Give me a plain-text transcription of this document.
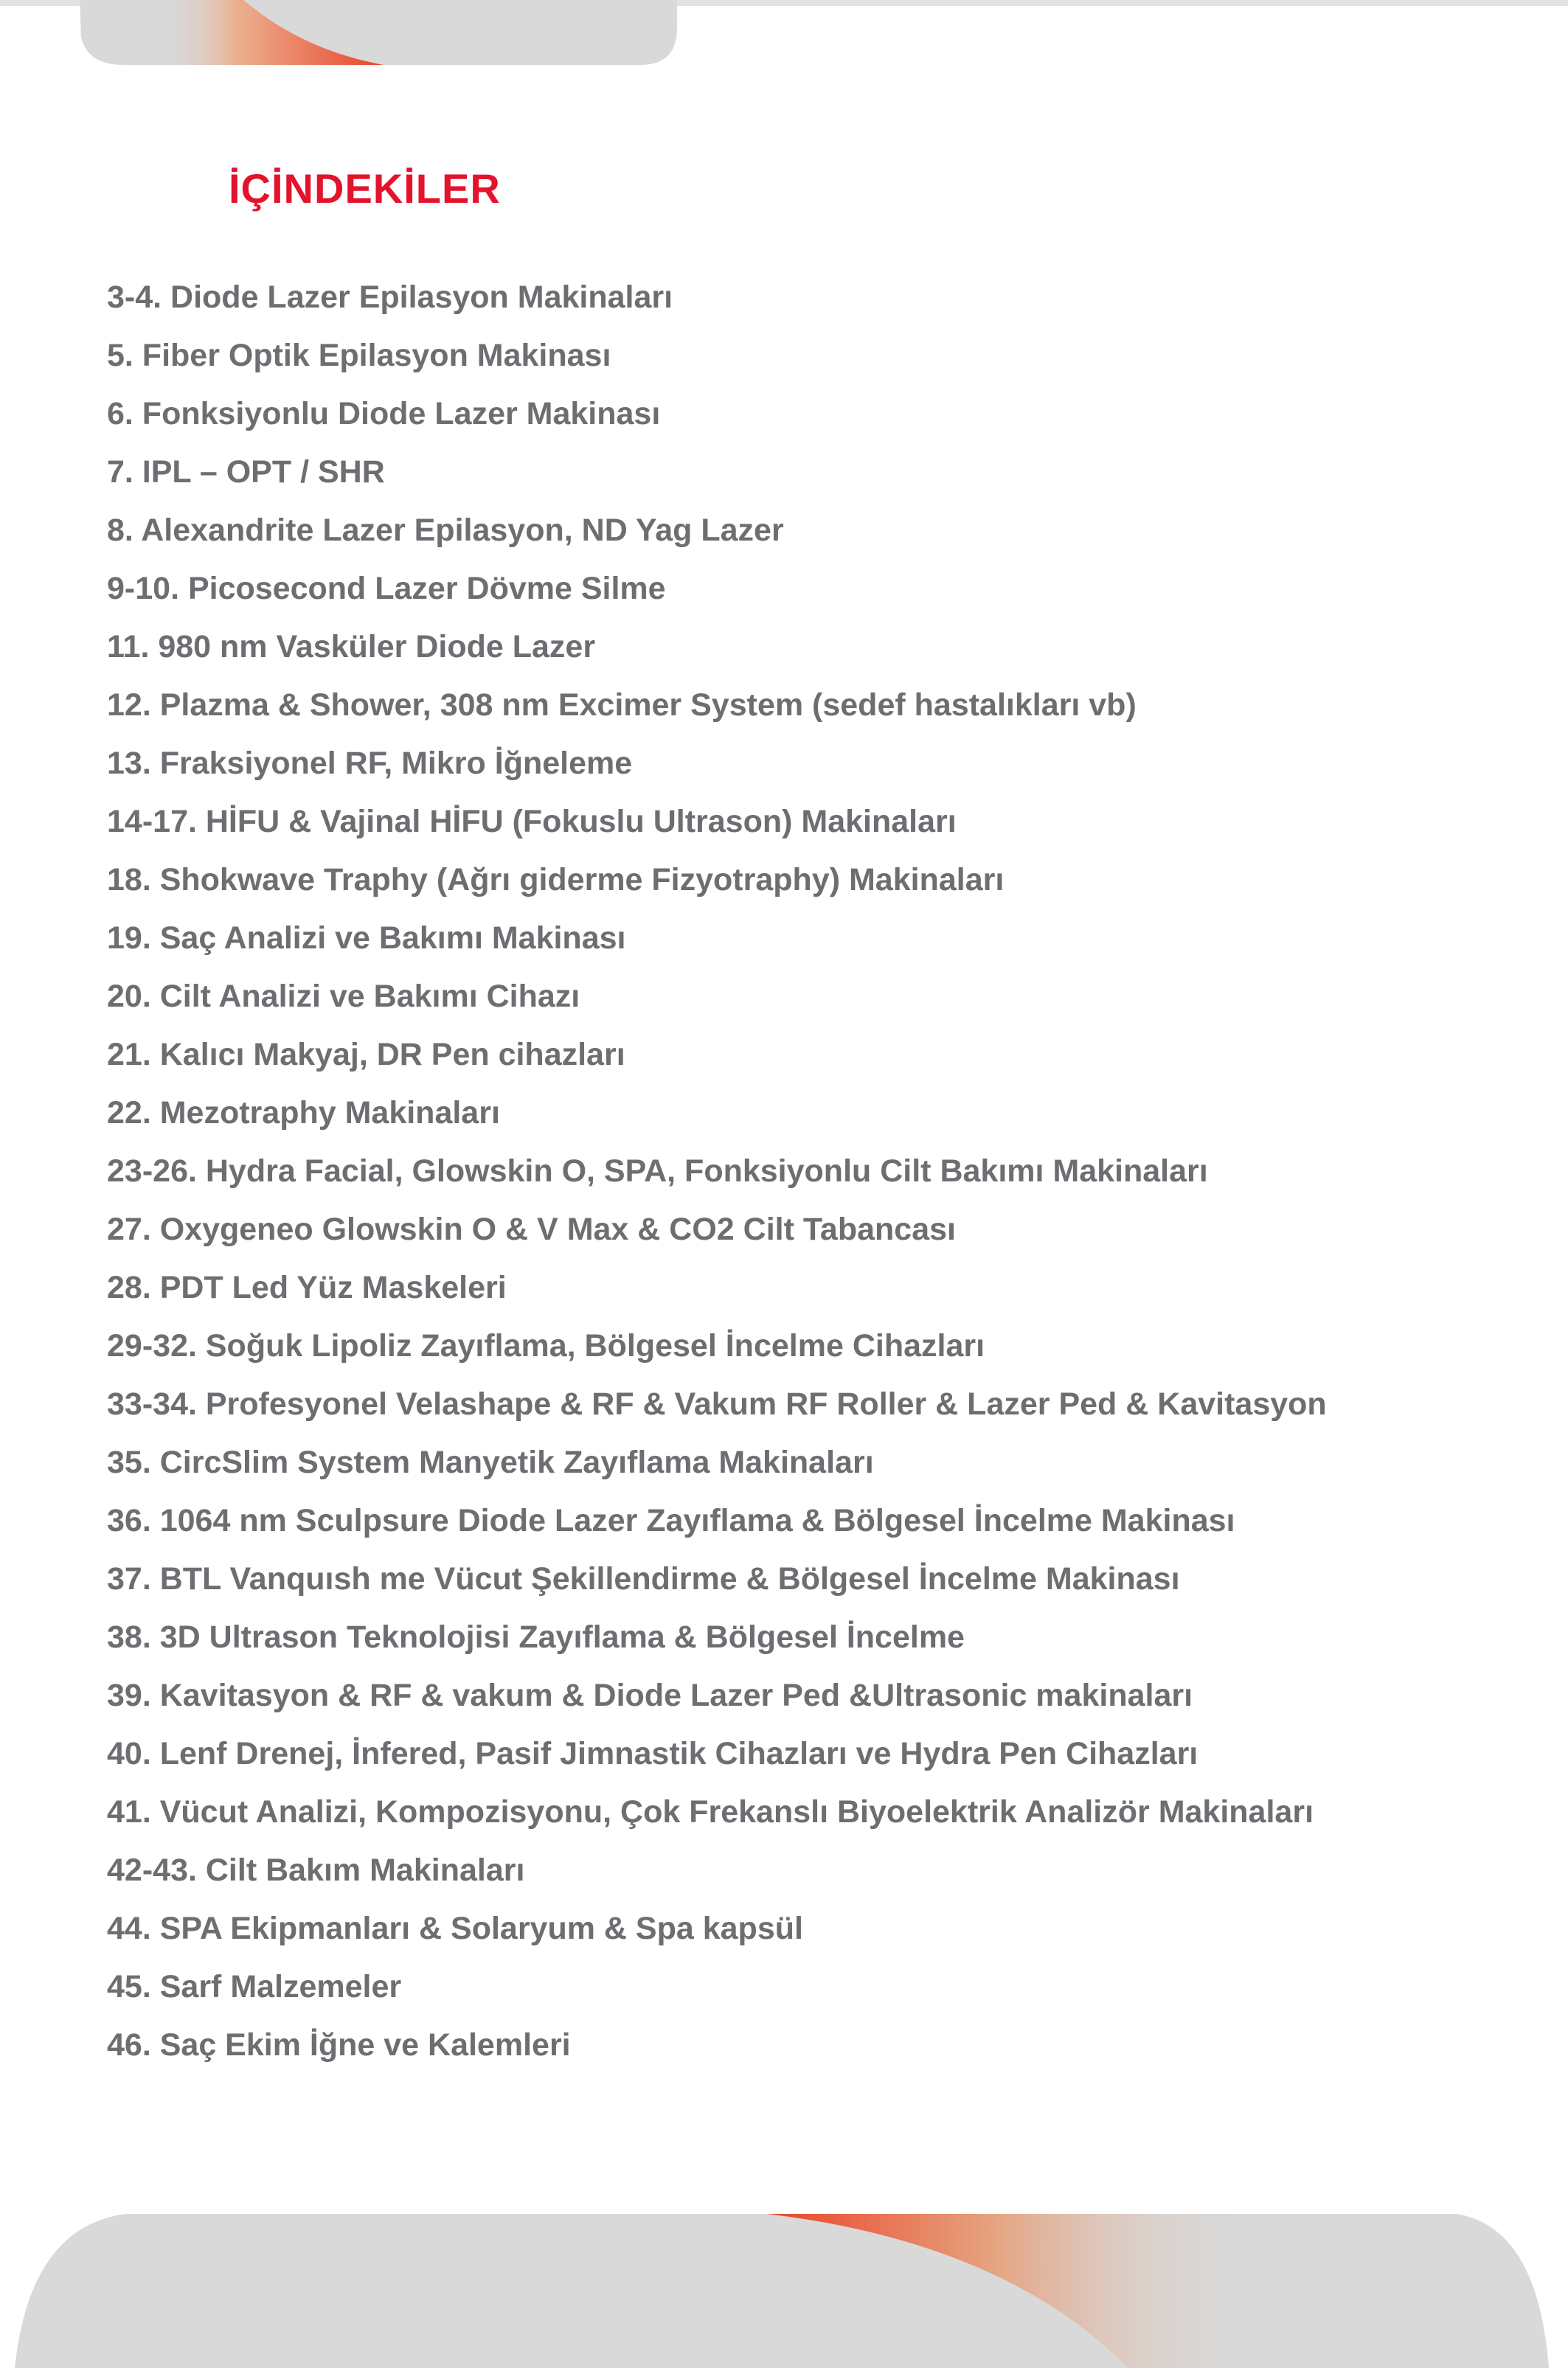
İÇİNDEKİLER
3-4. Diode Lazer Epilasyon Makinaları
5. Fiber Optik Epilasyon Makinası
6. Fonksiyonlu Diode Lazer Makinası
7. IPL – OPT / SHR
8. Alexandrite Lazer Epilasyon, ND Yag Lazer
9-10. Picosecond Lazer Dövme Silme
11. 980 nm Vasküler Diode Lazer
12. Plazma & Shower, 308 nm Excimer System (sedef hastalıkları vb)
13. Fraksiyonel RF, Mikro İğneleme
14-17. HİFU & Vajinal HİFU (Fokuslu Ultrason) Makinaları
18. Shokwave Traphy (Ağrı giderme Fizyotraphy) Makinaları
19. Saç Analizi ve Bakımı Makinası
20. Cilt Analizi ve Bakımı Cihazı
21. Kalıcı Makyaj, DR Pen cihazları
22. Mezotraphy Makinaları
23-26. Hydra Facial, Glowskin O, SPA, Fonksiyonlu Cilt Bakımı Makinaları
27. Oxygeneo Glowskin O & V Max & CO2 Cilt Tabancası
28. PDT Led Yüz Maskeleri
29-32. Soğuk Lipoliz Zayıflama, Bölgesel İncelme Cihazları
33-34. Profesyonel Velashape & RF & Vakum RF Roller & Lazer Ped & Kavitasyon
35. CircSlim System Manyetik Zayıflama Makinaları
36. 1064 nm Sculpsure Diode Lazer Zayıflama & Bölgesel İncelme Makinası
37. BTL Vanquısh me Vücut Şekillendirme & Bölgesel İncelme Makinası
38. 3D Ultrason Teknolojisi Zayıflama & Bölgesel İncelme
39. Kavitasyon & RF & vakum & Diode Lazer Ped &Ultrasonic makinaları
40. Lenf Drenej, İnfered, Pasif Jimnastik Cihazları ve Hydra Pen Cihazları
41. Vücut Analizi, Kompozisyonu, Çok Frekanslı Biyoelektrik Analizör Makinaları
42-43. Cilt Bakım Makinaları
44. SPA Ekipmanları & Solaryum & Spa kapsül
45. Sarf Malzemeler
46. Saç Ekim İğne ve Kalemleri
